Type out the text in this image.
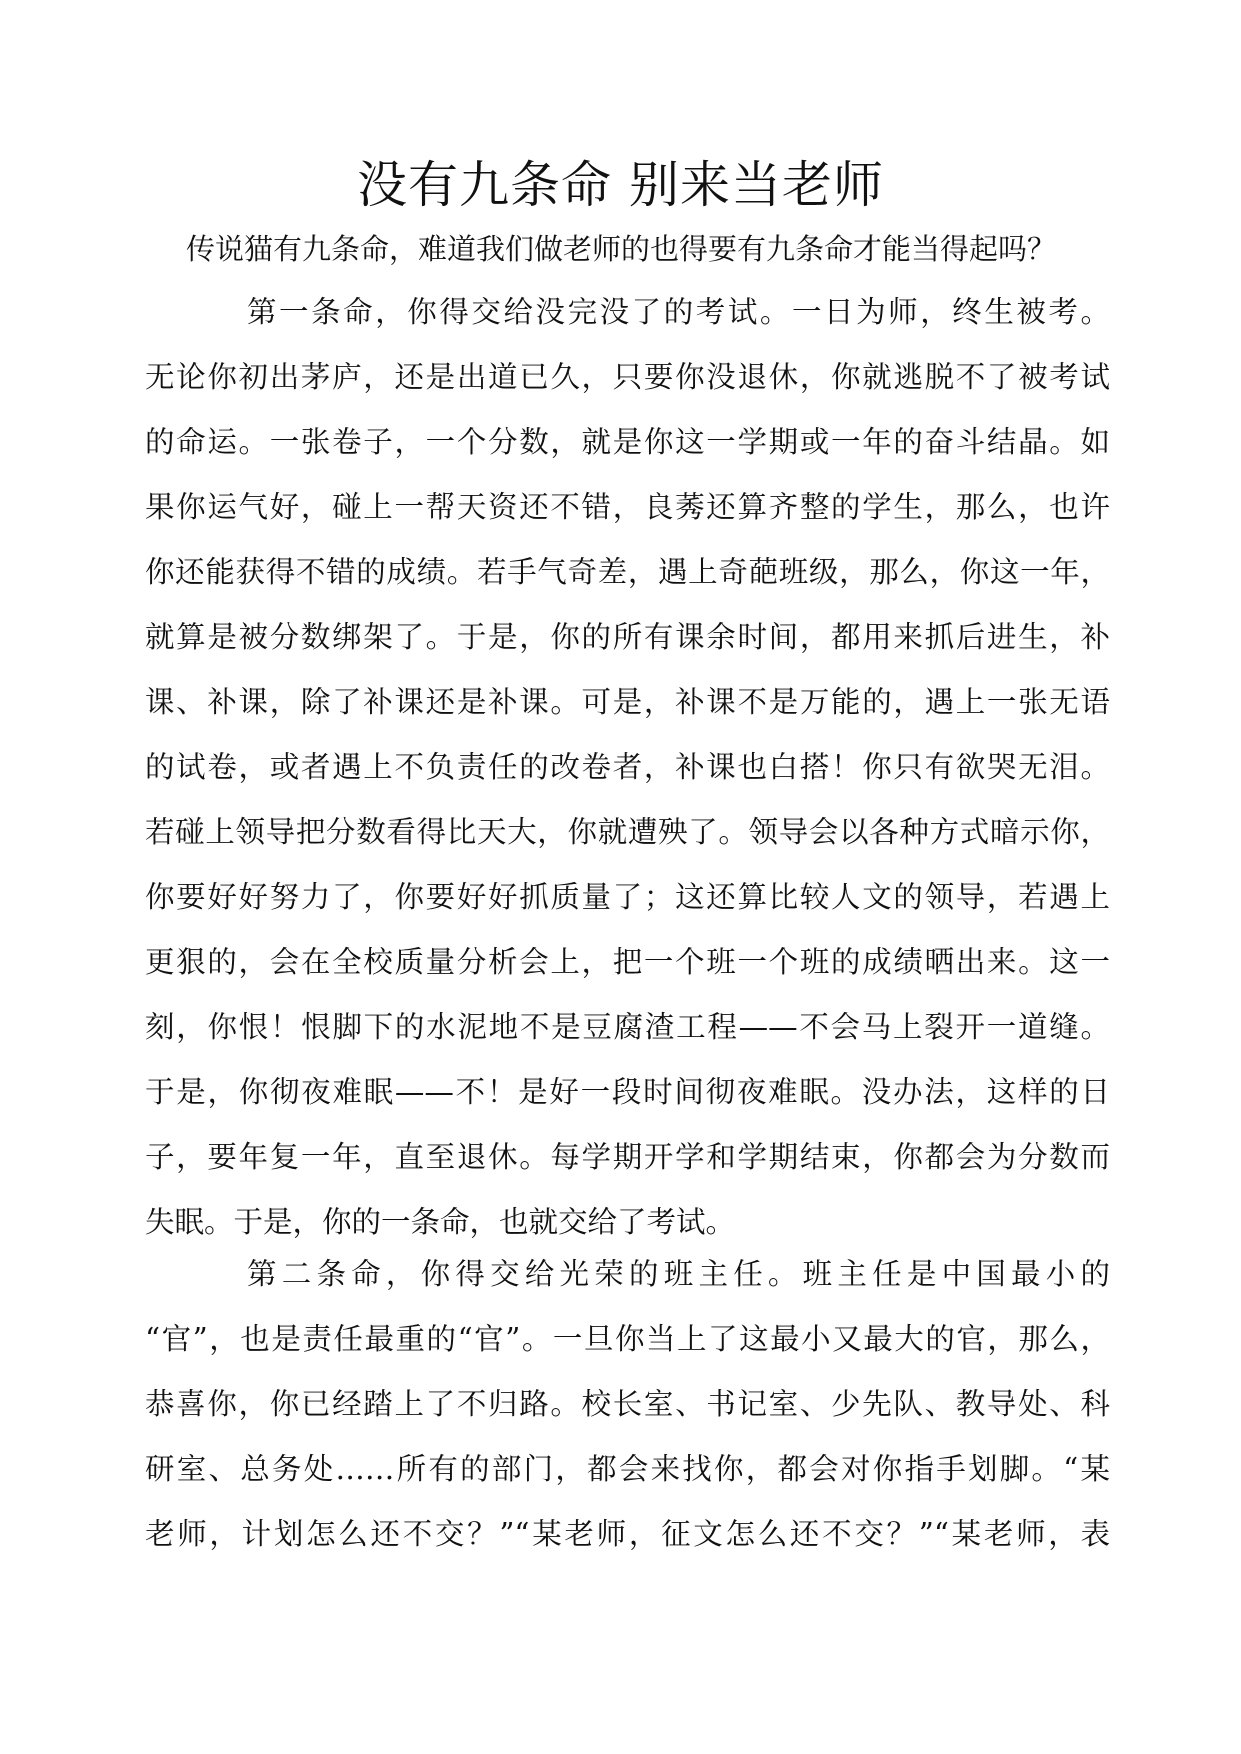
没有九条命 别来当老师

传说猫有九条命，难道我们做老师的也得要有九条命才能当得起吗？

第一条命，你得交给没完没了的考试。一日为师，终生被考。
无论你初出茅庐，还是出道已久，只要你没退休，你就逃脱不了被考试
的命运。一张卷子，一个分数，就是你这一学期或一年的奋斗结晶。如
果你运气好，碰上一帮天资还不错，良莠还算齐整的学生，那么，也许
你还能获得不错的成绩。若手气奇差，遇上奇葩班级，那么，你这一年，
就算是被分数绑架了。于是，你的所有课余时间，都用来抓后进生，补
课、补课，除了补课还是补课。可是，补课不是万能的，遇上一张无语
的试卷，或者遇上不负责任的改卷者，补课也白搭！你只有欲哭无泪。
若碰上领导把分数看得比天大，你就遭殃了。领导会以各种方式暗示你，
你要好好努力了，你要好好抓质量了；这还算比较人文的领导，若遇上
更狠的，会在全校质量分析会上，把一个班一个班的成绩晒出来。这一
刻，你恨！恨脚下的水泥地不是豆腐渣工程——不会马上裂开一道缝。
于是，你彻夜难眠——不！是好一段时间彻夜难眠。没办法，这样的日
子，要年复一年，直至退休。每学期开学和学期结束，你都会为分数而
失眠。于是，你的一条命，也就交给了考试。
第二条命，你得交给光荣的班主任。班主任是中国最小的
“官”，也是责任最重的“官”。一旦你当上了这最小又最大的官，那么，
恭喜你，你已经踏上了不归路。校长室、书记室、少先队、教导处、科
研室、总务处……所有的部门，都会来找你，都会对你指手划脚。“某
老师，计划怎么还不交？”“某老师，征文怎么还不交？”“某老师，表
